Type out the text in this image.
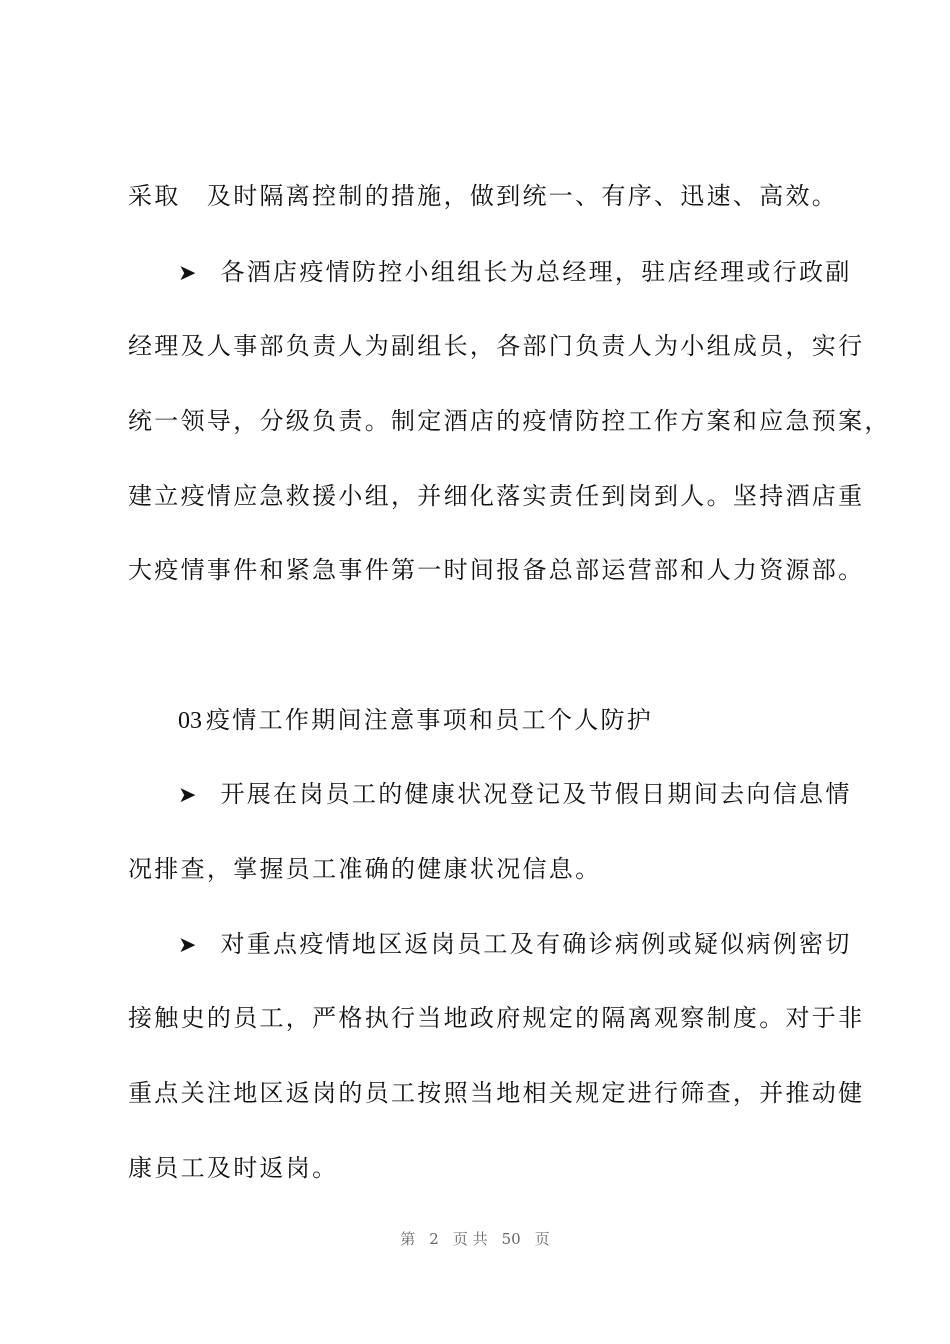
采取　及时隔离控制的措施，做到统一、有序、迅速、高效。
➤ 各酒店疫情防控小组组长为总经理，驻店经理或行政副
经理及人事部负责人为副组长，各部门负责人为小组成员，实行
统一领导，分级负责。制定酒店的疫情防控工作方案和应急预案，
建立疫情应急救援小组，并细化落实责任到岗到人。坚持酒店重
大疫情事件和紧急事件第一时间报备总部运营部和人力资源部。
03 疫情工作期间注意事项和员工个人防护
➤ 开展在岗员工的健康状况登记及节假日期间去向信息情
况排查，掌握员工准确的健康状况信息。
➤ 对重点疫情地区返岗员工及有确诊病例或疑似病例密切
接触史的员工，严格执行当地政府规定的隔离观察制度。对于非
重点关注地区返岗的员工按照当地相关规定进行筛查，并推动健
康员工及时返岗。
第 2 页 共 50 页
